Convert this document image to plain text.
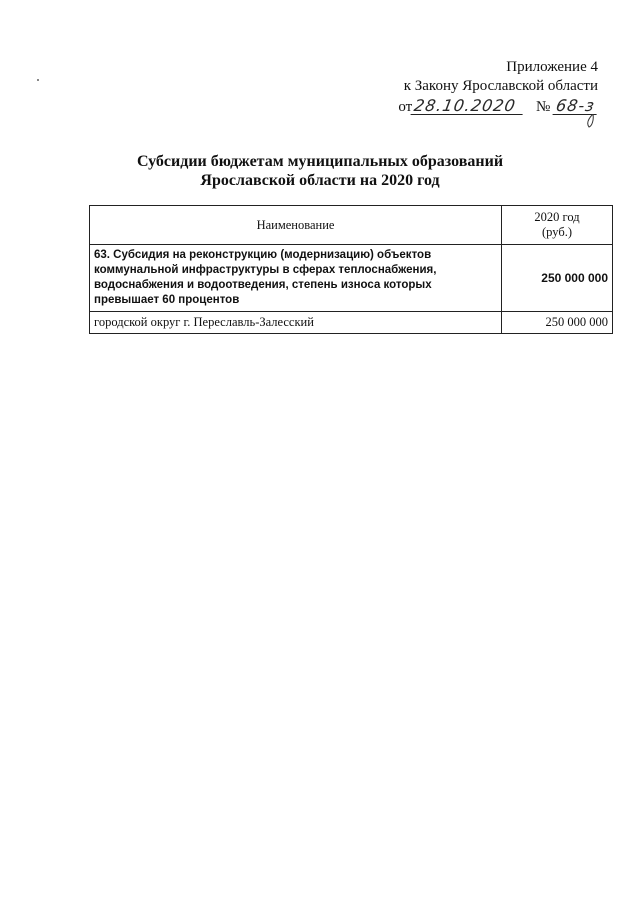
Приложение 4
к Закону Ярославской области
от28.10.2020 № 68-з
Субсидии бюджетам муниципальных образований
Ярославской области на 2020 год
Наименование	2020 год
(руб.)
63. Субсидия на реконструкцию (модернизацию) объектов коммунальной инфраструктуры в сферах теплоснабжения, водоснабжения и водоотведения, степень износа которых превышает 60 процентов	250 000 000
городской округ г. Переславль-Залесский	250 000 000
